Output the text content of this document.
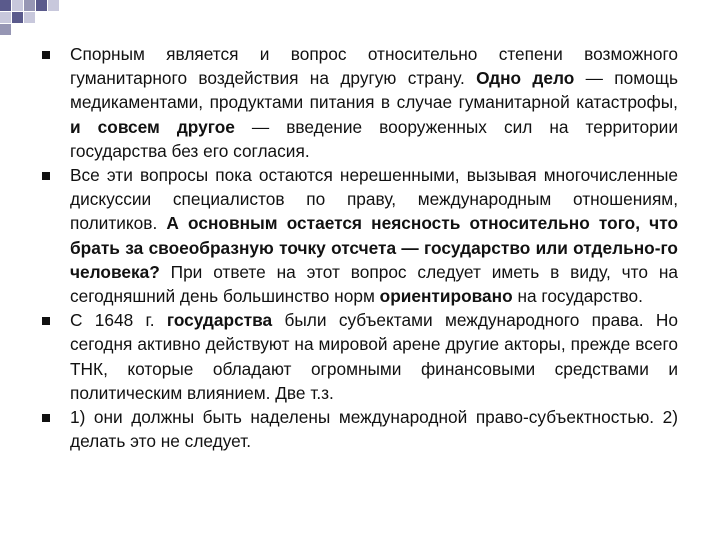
Спорным является и вопрос относительно степени возможного гуманитарного воздействия на другую страну. Одно дело — помощь медикаментами, продуктами питания в случае гуманитарной катастрофы, и совсем другое — введение вооруженных сил на территории государства без его согласия.

Все эти вопросы пока остаются нерешенными, вызывая многочисленные дискуссии специалистов по праву, международным отношениям, политиков. А основным остается неясность относительно того, что брать за своеобразную точку отсчета — государство или отдельно-го человека? При ответе на этот вопрос следует иметь в виду, что на сегодняшний день большинство норм ориентировано на государство.

С 1648 г. государства были субъектами международного права. Но сегодня активно действуют на мировой арене другие акторы, прежде всего ТНК, которые обладают огромными финансовыми средствами и политическим влиянием. Две т.з.

1) они должны быть наделены международной право-субъектностью. 2) делать это не следует.
